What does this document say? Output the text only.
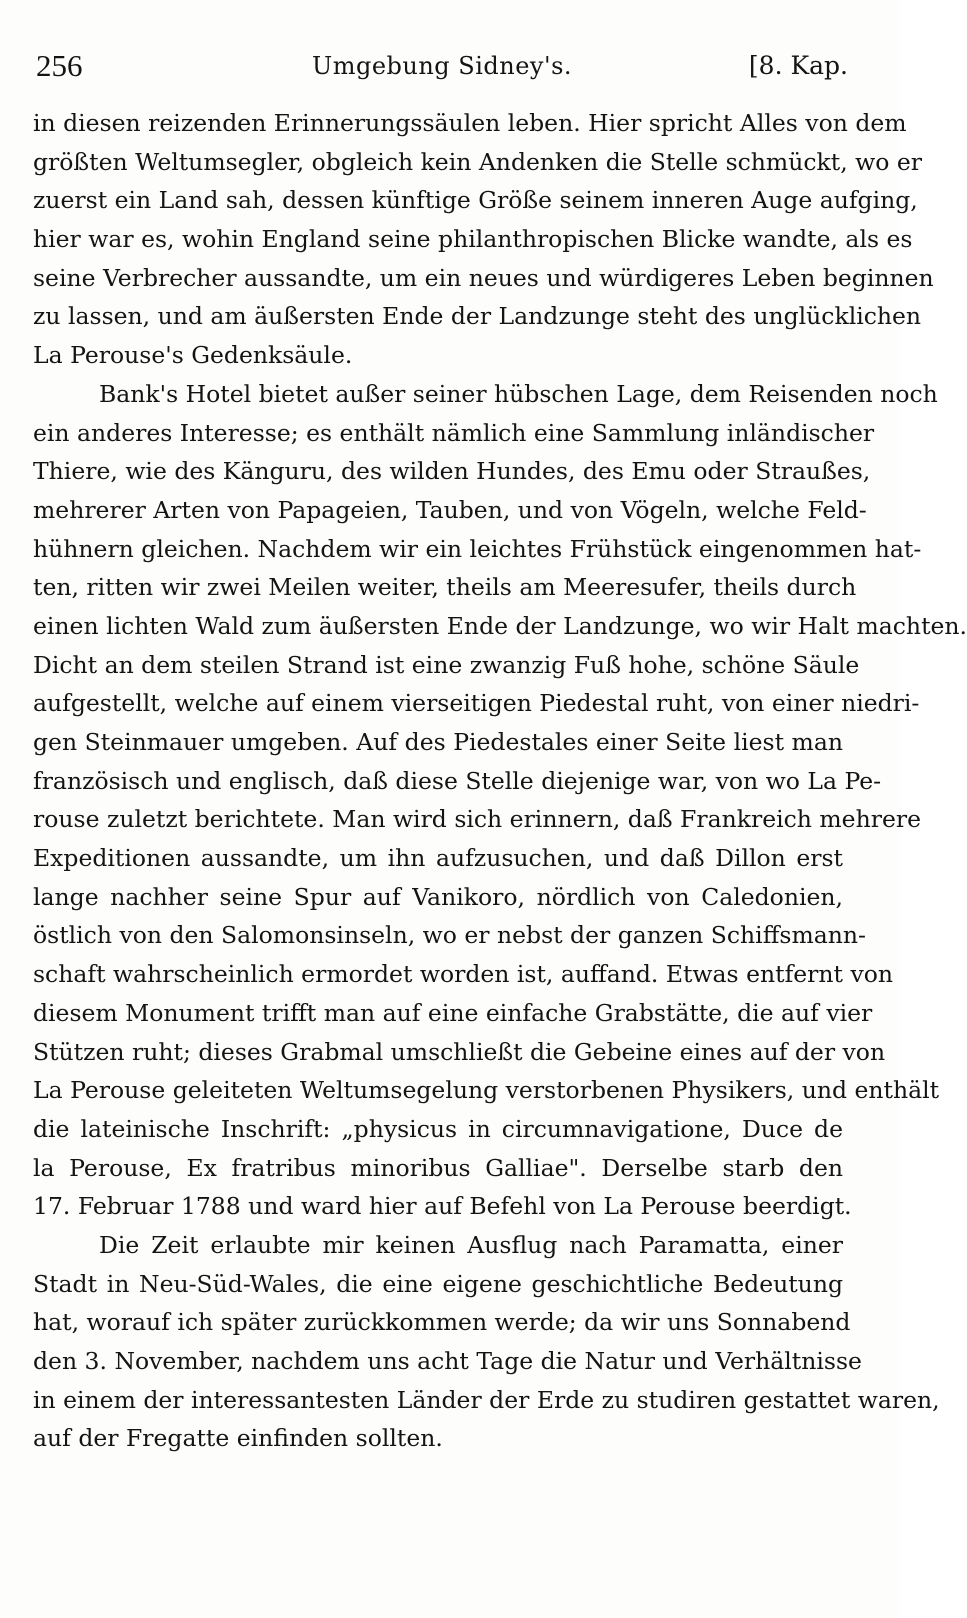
256	Umgebung Sidney's.	[8. Kap.
in diesen reizenden Erinnerungssäulen leben. Hier spricht Alles von dem
größten Weltumsegler, obgleich kein Andenken die Stelle schmückt, wo er
zuerst ein Land sah, dessen künftige Größe seinem inneren Auge aufging,
hier war es, wohin England seine philanthropischen Blicke wandte, als es
seine Verbrecher aussandte, um ein neues und würdigeres Leben beginnen
zu lassen, und am äußersten Ende der Landzunge steht des unglücklichen
La Perouse's Gedenksäule.
Bank's Hotel bietet außer seiner hübschen Lage, dem Reisenden noch
ein anderes Interesse; es enthält nämlich eine Sammlung inländischer
Thiere, wie des Känguru, des wilden Hundes, des Emu oder Straußes,
mehrerer Arten von Papageien, Tauben, und von Vögeln, welche Feld-
hühnern gleichen. Nachdem wir ein leichtes Frühstück eingenommen hat-
ten, ritten wir zwei Meilen weiter, theils am Meeresufer, theils durch
einen lichten Wald zum äußersten Ende der Landzunge, wo wir Halt machten.
Dicht an dem steilen Strand ist eine zwanzig Fuß hohe, schöne Säule
aufgestellt, welche auf einem vierseitigen Piedestal ruht, von einer niedri-
gen Steinmauer umgeben. Auf des Piedestales einer Seite liest man
französisch und englisch, daß diese Stelle diejenige war, von wo La Pe-
rouse zuletzt berichtete. Man wird sich erinnern, daß Frankreich mehrere
Expeditionen aussandte, um ihn aufzusuchen, und daß Dillon erst
lange nachher seine Spur auf Vanikoro, nördlich von Caledonien,
östlich von den Salomonsinseln, wo er nebst der ganzen Schiffsmann-
schaft wahrscheinlich ermordet worden ist, auffand. Etwas entfernt von
diesem Monument trifft man auf eine einfache Grabstätte, die auf vier
Stützen ruht; dieses Grabmal umschließt die Gebeine eines auf der von
La Perouse geleiteten Weltumsegelung verstorbenen Physikers, und enthält
die lateinische Inschrift: „physicus in circumnavigatione, Duce de
la Perouse, Ex fratribus minoribus Galliae". Derselbe starb den
17. Februar 1788 und ward hier auf Befehl von La Perouse beerdigt.
Die Zeit erlaubte mir keinen Ausflug nach Paramatta, einer
Stadt in Neu-Süd-Wales, die eine eigene geschichtliche Bedeutung
hat, worauf ich später zurückkommen werde; da wir uns Sonnabend
den 3. November, nachdem uns acht Tage die Natur und Verhältnisse
in einem der interessantesten Länder der Erde zu studiren gestattet waren,
auf der Fregatte einfinden sollten.
